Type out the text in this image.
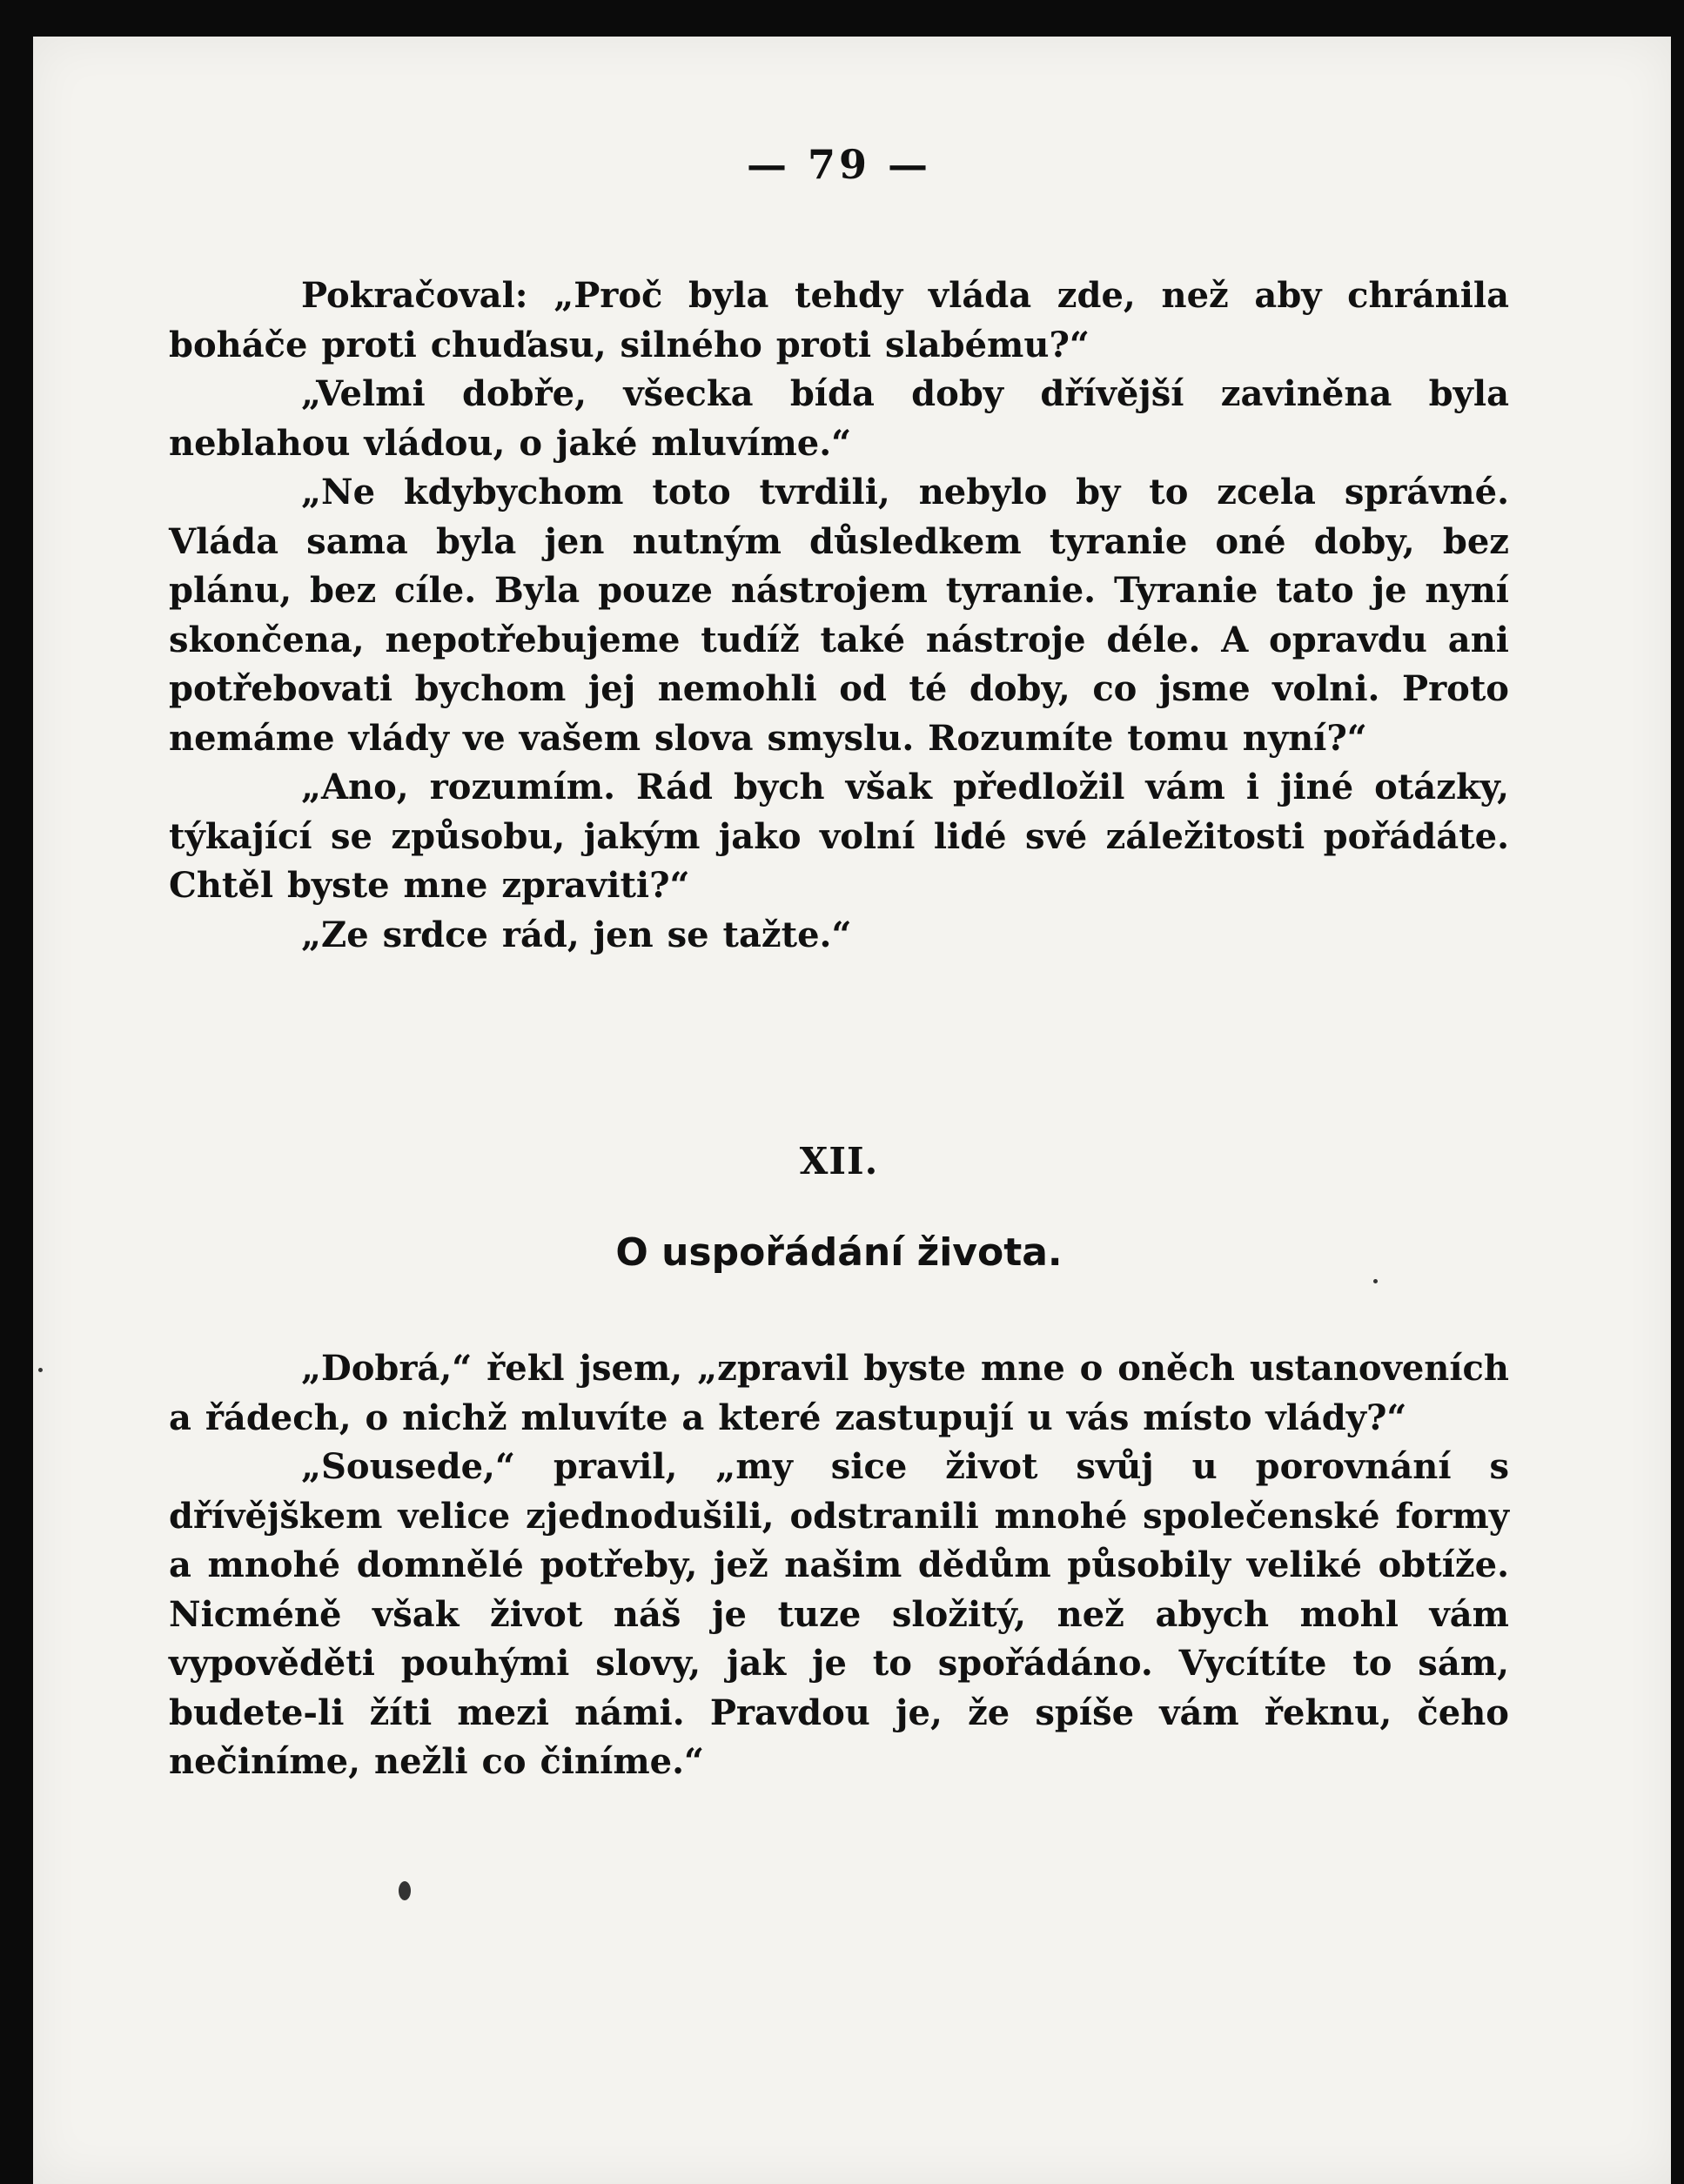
— 79 —

Pokračoval: „Proč byla tehdy vláda zde, než aby chránila boháče proti chuďasu, silného proti slabému?“

„Velmi dobře, všecka bída doby dřívější zaviněna byla neblahou vládou, o jaké mluvíme.“

„Ne kdybychom toto tvrdili, nebylo by to zcela správné. Vláda sama byla jen nutným důsledkem tyranie oné doby, bez plánu, bez cíle. Byla pouze nástrojem tyranie. Tyranie tato je nyní skončena, nepotřebujeme tudíž také nástroje déle. A opravdu ani potřebovati bychom jej nemohli od té doby, co jsme volni. Proto nemáme vlády ve vašem slova smyslu. Rozumíte tomu nyní?“

„Ano, rozumím. Rád bych však předložil vám i jiné otázky, týkající se způsobu, jakým jako volní lidé své záležitosti pořádáte. Chtěl byste mne zpraviti?“

„Ze srdce rád, jen se tažte.“

XII.
O uspořádání života.

„Dobrá,“ řekl jsem, „zpravil byste mne o oněch ustanoveních a řádech, o nichž mluvíte a které zastupují u vás místo vlády?“

„Sousede,“ pravil, „my sice život svůj u porovnání s dřívějškem velice zjednodušili, odstranili mnohé společenské formy a mnohé domnělé potřeby, jež našim dědům působily veliké obtíže. Nicméně však život náš je tuze složitý, než abych mohl vám vypověděti pouhými slovy, jak je to spořádáno. Vycítíte to sám, budete-li žíti mezi námi. Pravdou je, že spíše vám řeknu, čeho nečiníme, nežli co činíme.“
